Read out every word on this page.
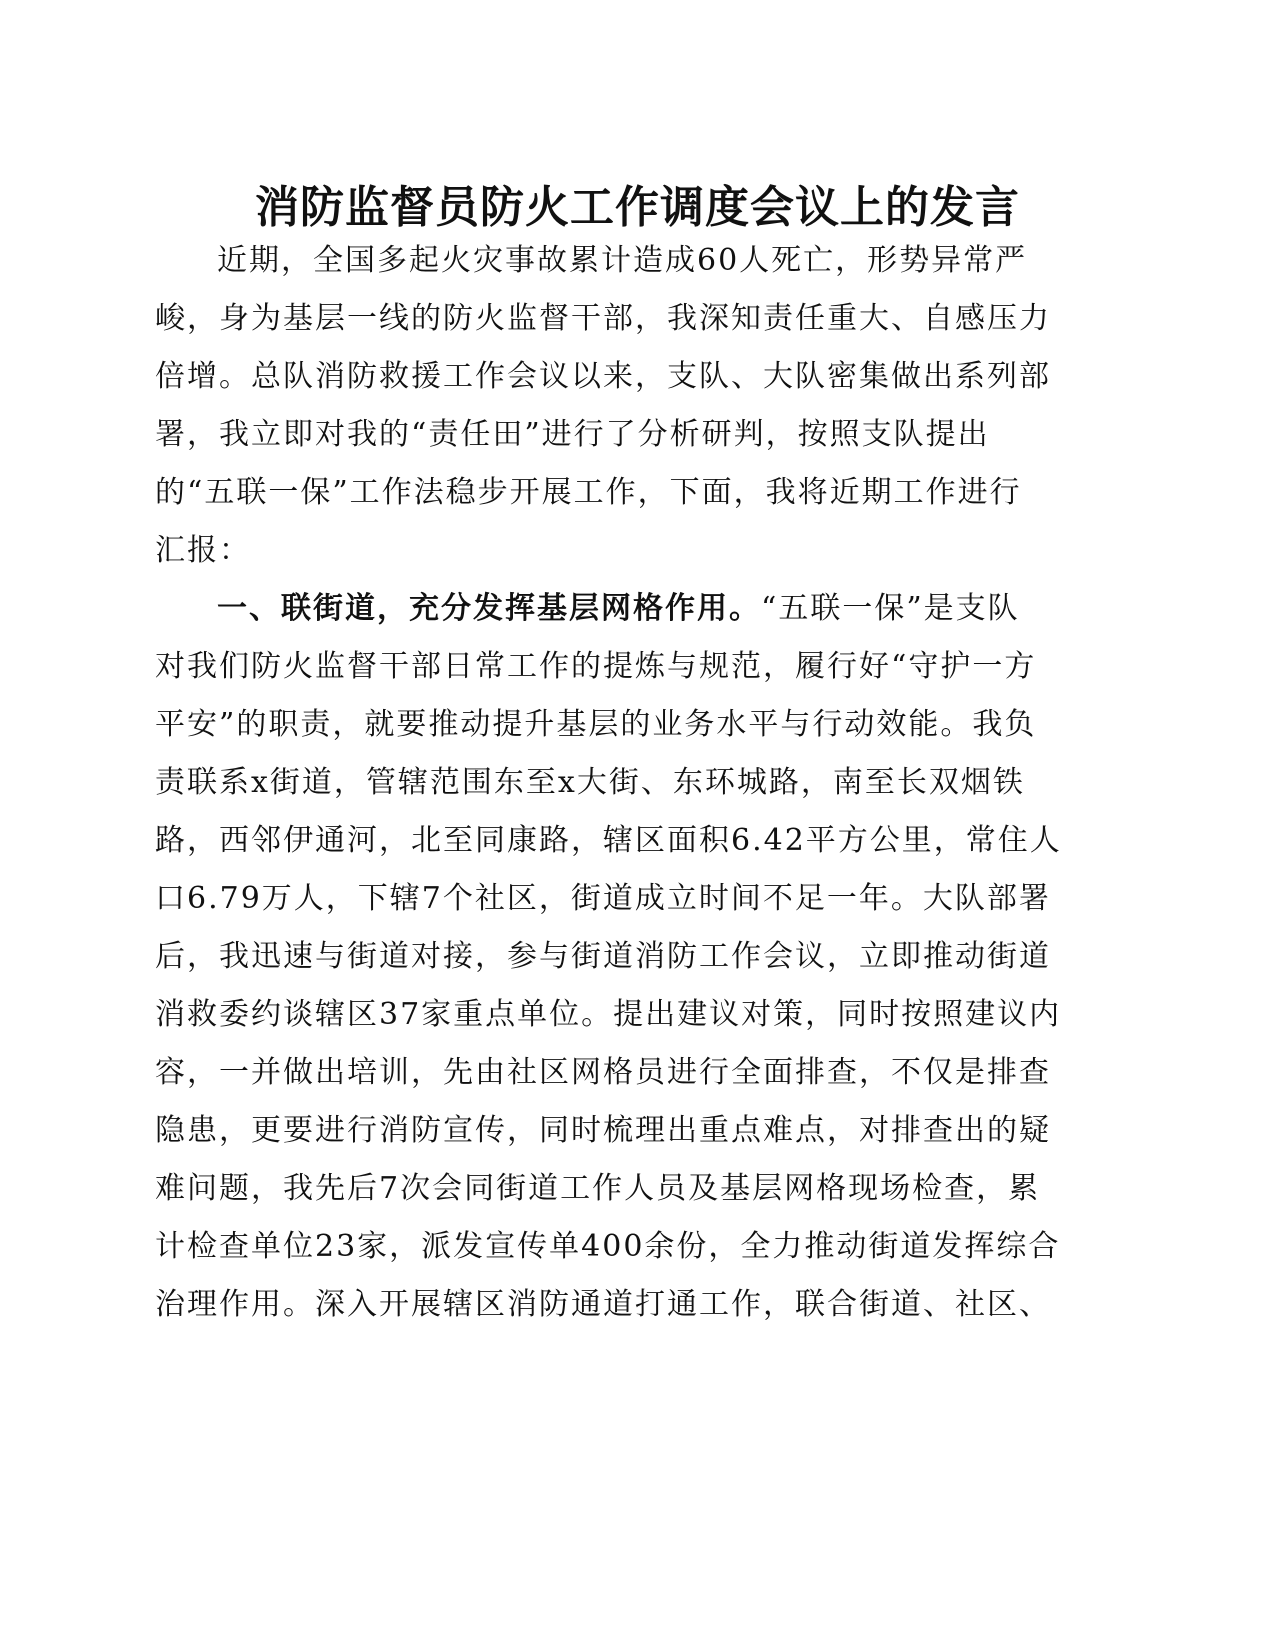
消防监督员防火工作调度会议上的发言
近期，全国多起火灾事故累计造成60人死亡，形势异常严
峻，身为基层一线的防火监督干部，我深知责任重大、自感压力
倍增。总队消防救援工作会议以来，支队、大队密集做出系列部
署，我立即对我的“责任田”进行了分析研判，按照支队提出
的“五联一保”工作法稳步开展工作，下面，我将近期工作进行
汇报：
一、联街道，充分发挥基层网格作用。“五联一保”是支队
对我们防火监督干部日常工作的提炼与规范，履行好“守护一方
平安”的职责，就要推动提升基层的业务水平与行动效能。我负
责联系x街道，管辖范围东至x大街、东环城路，南至长双烟铁
路，西邻伊通河，北至同康路，辖区面积6.42平方公里，常住人
口6.79万人，下辖7个社区，街道成立时间不足一年。大队部署
后，我迅速与街道对接，参与街道消防工作会议，立即推动街道
消救委约谈辖区37家重点单位。提出建议对策，同时按照建议内
容，一并做出培训，先由社区网格员进行全面排查，不仅是排查
隐患，更要进行消防宣传，同时梳理出重点难点，对排查出的疑
难问题，我先后7次会同街道工作人员及基层网格现场检查，累
计检查单位23家，派发宣传单400余份，全力推动街道发挥综合
治理作用。深入开展辖区消防通道打通工作，联合街道、社区、
